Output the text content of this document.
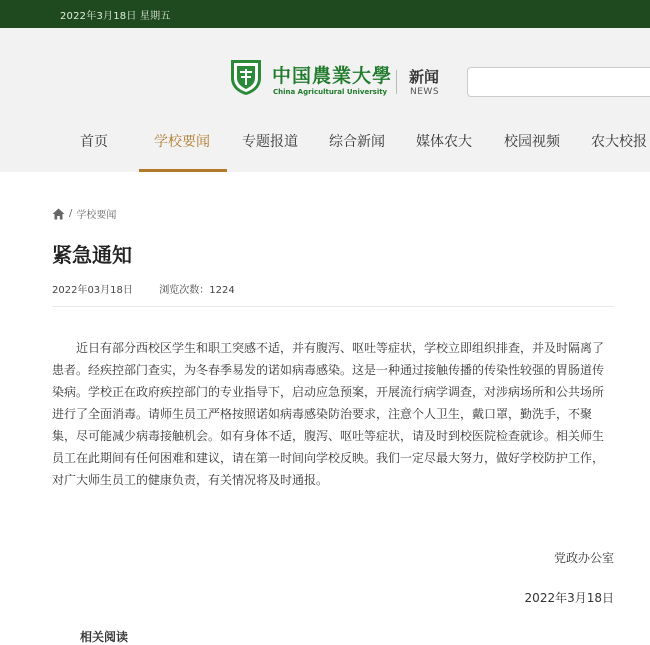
2022年3月18日 星期五
中国農業大學
China Agricultural University
新闻
NEWS
首页	学校要闻 专题报道 综合新闻 媒体农大 校园视频 农大校报
/ 学校要闻
紧急通知
2022年03月18日	浏览次数：1224

近日有部分西校区学生和职工突感不适，并有腹泻、呕吐等症状，学校立即组织排查，并及时隔离了患者。经疾控部门查实，为冬春季易发的诺如病毒感染。这是一种通过接触传播的传染性较强的胃肠道传染病。学校正在政府疾控部门的专业指导下，启动应急预案，开展流行病学调查，对涉病场所和公共场所进行了全面消毒。请师生员工严格按照诺如病毒感染防治要求，注意个人卫生，戴口罩，勤洗手，不聚集，尽可能减少病毒接触机会。如有身体不适，腹泻、呕吐等症状，请及时到校医院检查就诊。相关师生员工在此期间有任何困难和建议，请在第一时间向学校反映。我们一定尽最大努力，做好学校防护工作，对广大师生员工的健康负责，有关情况将及时通报。

党政办公室
2022年3月18日
相关阅读
